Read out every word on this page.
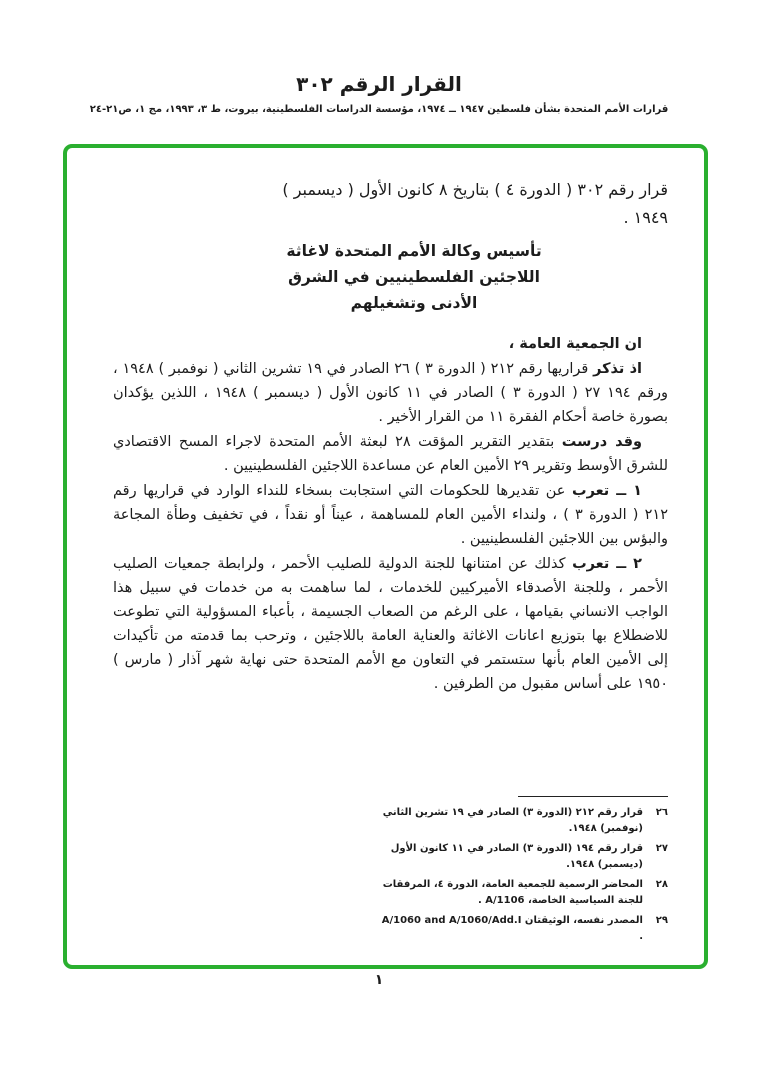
القرار الرقم ٣٠٢
قرارات الأمم المتحدة بشأن فلسطين ١٩٤٧ ــ ١٩٧٤، مؤسسة الدراسات الفلسطينية، بيروت، ط ٣، ١٩٩٣، مج ١، ص٢١-٢٤
قرار رقم ٣٠٢ ( الدورة ٤ ) بتاريخ ٨ كانون الأول ( ديسمبر )
١٩٤٩ .
تأسيس وكالة الأمم المتحدة لاغاثة
اللاجئين الفلسطينيين في الشرق
الأدنى وتشغيلهم

ان الجمعية العامة ،

اذ تذكر قراريها رقم ٢١٢ ( الدورة ٣ ) ٢٦ الصادر في ١٩ تشرين الثاني ( نوفمبر ) ١٩٤٨ ، ورقم ١٩٤ ٢٧ ( الدورة ٣ ) الصادر في ١١ كانون الأول ( ديسمبر ) ١٩٤٨ ، اللذين يؤكدان بصورة خاصة أحكام الفقرة ١١ من القرار الأخير .

وقد درست بتقدير التقرير المؤقت ٢٨ لبعثة الأمم المتحدة لاجراء المسح الاقتصادي للشرق الأوسط وتقرير ٢٩ الأمين العام عن مساعدة اللاجئين الفلسطينيين .

١ ــ تعرب عن تقديرها للحكومات التي استجابت بسخاء للنداء الوارد في قراريها رقم ٢١٢ ( الدورة ٣ ) ، ولنداء الأمين العام للمساهمة ، عيناً أو نقداً ، في تخفيف وطأة المجاعة والبؤس بين اللاجئين الفلسطينيين .

٢ ــ تعرب كذلك عن امتنانها للجنة الدولية للصليب الأحمر ، ولرابطة جمعيات الصليب الأحمر ، وللجنة الأصدقاء الأميركيين للخدمات ، لما ساهمت به من خدمات في سبيل هذا الواجب الانساني بقيامها ، على الرغم من الصعاب الجسيمة ، بأعباء المسؤولية التي تطوعت للاضطلاع بها بتوزيع اعانات الاغاثة والعناية العامة باللاجئين ، وترحب بما قدمته من تأكيدات إلى الأمين العام بأنها ستستمر في التعاون مع الأمم المتحدة حتى نهاية شهر آذار ( مارس ) ١٩٥٠ على أساس مقبول من الطرفين .

٢٦
قرار رقم ٢١٢ (الدورة ٣) الصادر في ١٩ تشرين الثاني (نوفمبر) ١٩٤٨.
٢٧
قرار رقم ١٩٤ (الدورة ٣) الصادر في ١١ كانون الأول (ديسمبر) ١٩٤٨.
٢٨
المحاضر الرسمية للجمعية العامة، الدورة ٤، المرفقات للجنة السياسية الخاصة، A/1106 .
٢٩
المصدر نفسه، الوثيقتان A/1060 and A/1060/Add.I .
١
